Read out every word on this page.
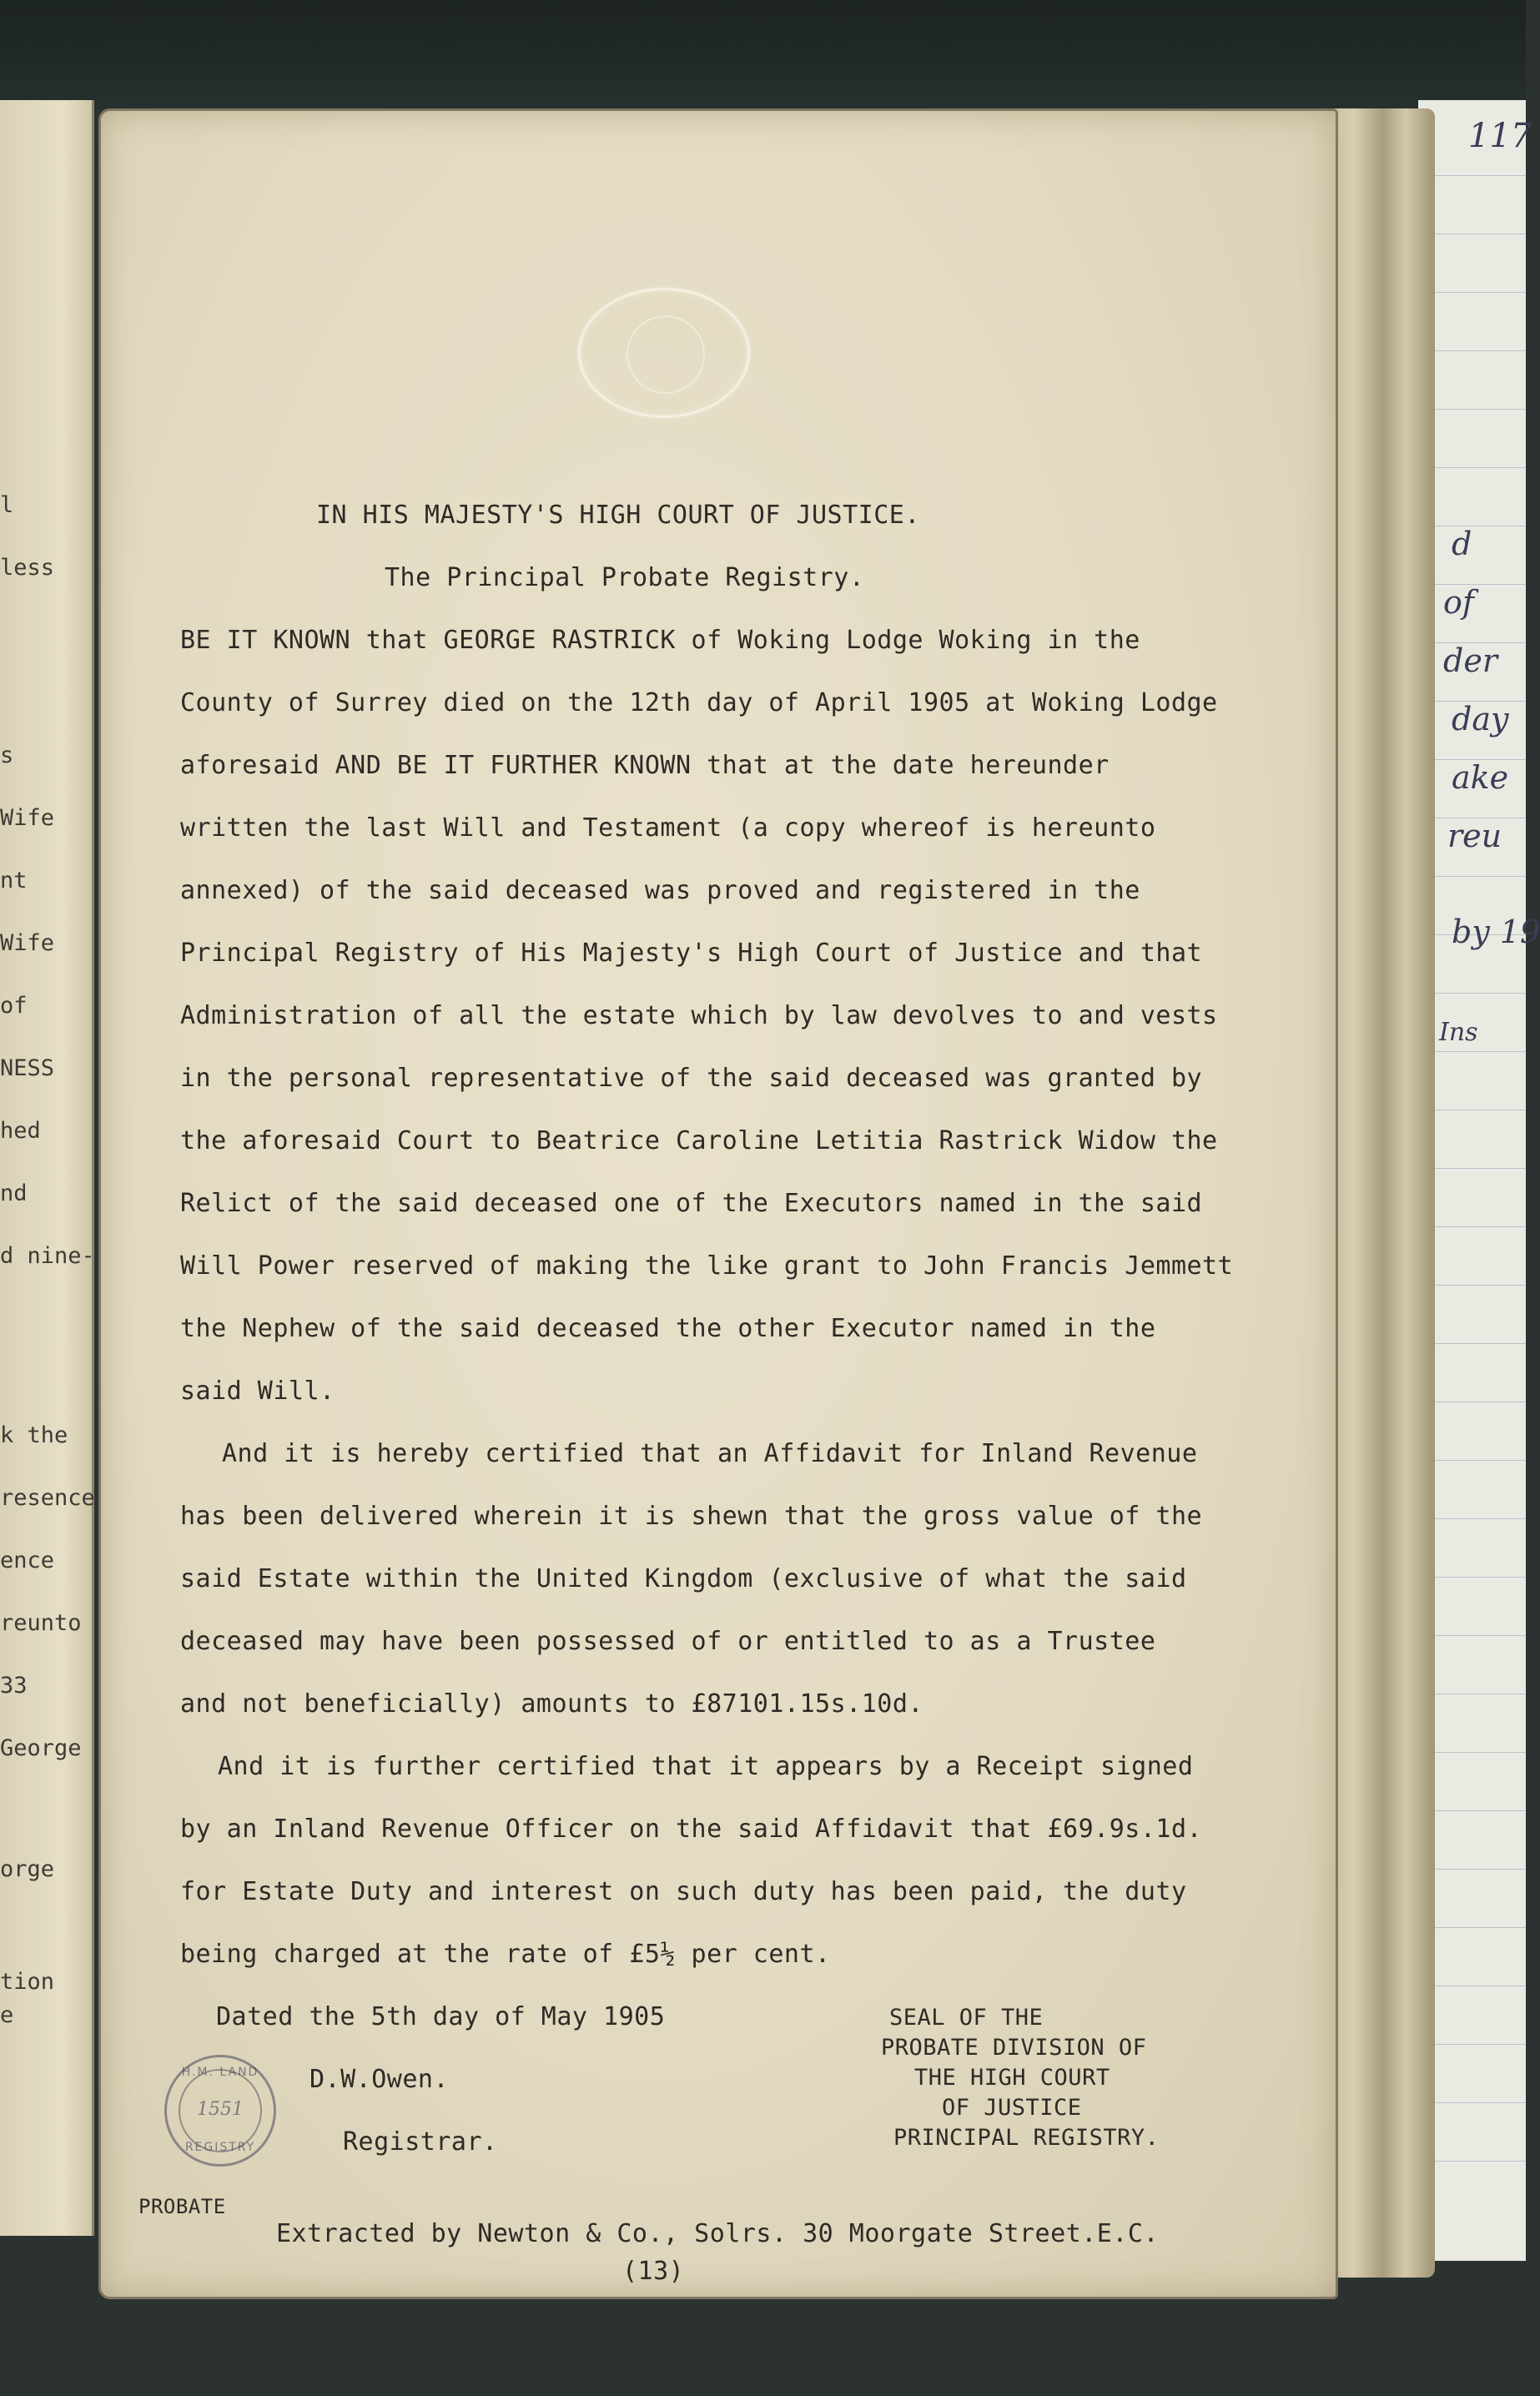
l
less
s
Wife
nt
Wife
of
NESS
hed
nd
d nine-
k the
resence
ence
reunto
33
George
orge
tion
e
117
d
of
der
day
ake
reu
by 19
Ins
IN HIS MAJESTY'S HIGH COURT OF JUSTICE.
The Principal Probate Registry.
BE IT KNOWN that GEORGE RASTRICK of Woking Lodge Woking in the
County of Surrey died on the 12th day of April 1905 at Woking Lodge
aforesaid AND BE IT FURTHER KNOWN that at the date hereunder
written the last Will and Testament (a copy whereof is hereunto
annexed) of the said deceased was proved and registered in the
Principal Registry of His Majesty's High Court of Justice and that
Administration of all the estate which by law devolves to and vests
in the personal representative of the said deceased was granted by
the aforesaid Court to Beatrice Caroline Letitia Rastrick Widow the
Relict of the said deceased one of the Executors named in the said
Will Power reserved of making the like grant to John Francis Jemmett
the Nephew of the said deceased the other Executor named in the
said Will.
And it is hereby certified that an Affidavit for Inland Revenue
has been delivered wherein it is shewn that the gross value of the
said Estate within the United Kingdom (exclusive of what the said
deceased may have been possessed of or entitled to as a Trustee
and not beneficially) amounts to £87101.15s.10d.
And it is further certified that it appears by a Receipt signed
by an Inland Revenue Officer on the said Affidavit that £69.9s.1d.
for Estate Duty and interest on such duty has been paid, the duty
being charged at the rate of £5½ per cent.
Dated the 5th day of May 1905
D.W.Owen.
Registrar.
SEAL OF THE
PROBATE DIVISION OF
THE HIGH COURT
OF JUSTICE
PRINCIPAL REGISTRY.
PROBATE
Extracted by Newton & Co., Solrs. 30 Moorgate Street.E.C.
(13)
H.M. LAND
1551
REGISTRY
